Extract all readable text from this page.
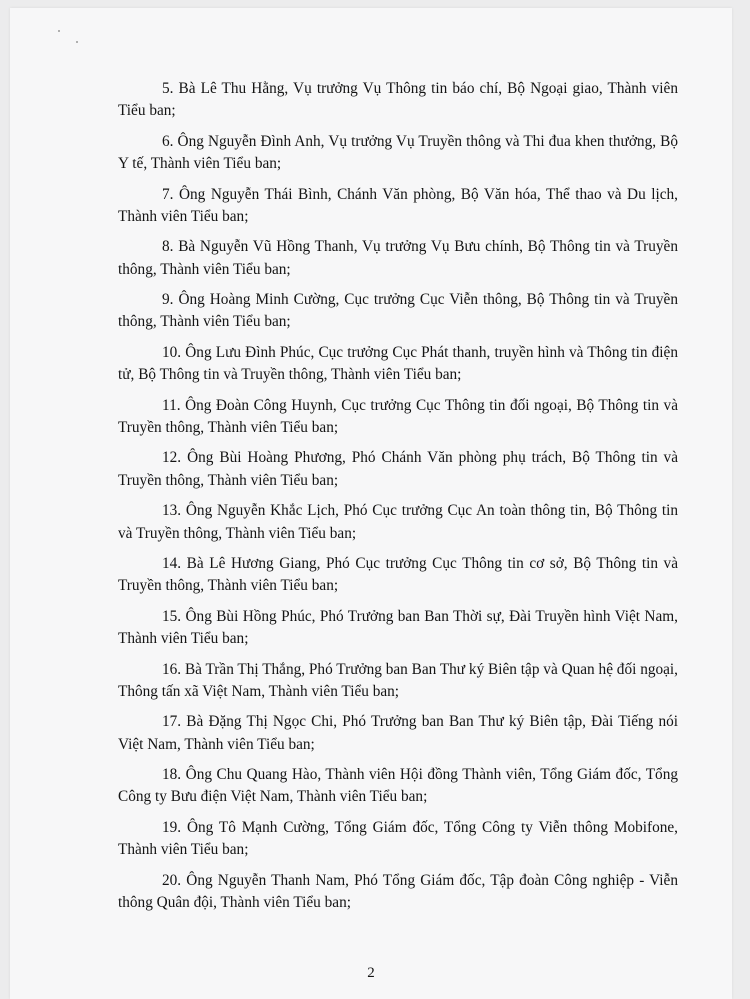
5. Bà Lê Thu Hằng, Vụ trưởng Vụ Thông tin báo chí, Bộ Ngoại giao, Thành viên Tiểu ban;
6. Ông Nguyễn Đình Anh, Vụ trưởng Vụ Truyền thông và Thi đua khen thưởng, Bộ Y tế, Thành viên Tiểu ban;
7. Ông Nguyễn Thái Bình, Chánh Văn phòng, Bộ Văn hóa, Thể thao và Du lịch, Thành viên Tiểu ban;
8. Bà Nguyễn Vũ Hồng Thanh, Vụ trưởng Vụ Bưu chính, Bộ Thông tin và Truyền thông, Thành viên Tiểu ban;
9. Ông Hoàng Minh Cường, Cục trưởng Cục Viễn thông, Bộ Thông tin và Truyền thông, Thành viên Tiểu ban;
10. Ông Lưu Đình Phúc, Cục trưởng Cục Phát thanh, truyền hình và Thông tin điện tử, Bộ Thông tin và Truyền thông, Thành viên Tiểu ban;
11. Ông Đoàn Công Huynh, Cục trưởng Cục Thông tin đối ngoại, Bộ Thông tin và Truyền thông, Thành viên Tiểu ban;
12. Ông Bùi Hoàng Phương, Phó Chánh Văn phòng phụ trách, Bộ Thông tin và Truyền thông, Thành viên Tiểu ban;
13. Ông Nguyễn Khắc Lịch, Phó Cục trưởng Cục An toàn thông tin, Bộ Thông tin và Truyền thông, Thành viên Tiểu ban;
14. Bà Lê Hương Giang, Phó Cục trưởng Cục Thông tin cơ sở, Bộ Thông tin và Truyền thông, Thành viên Tiểu ban;
15. Ông Bùi Hồng Phúc, Phó Trưởng ban Ban Thời sự, Đài Truyền hình Việt Nam, Thành viên Tiểu ban;
16. Bà Trần Thị Thắng, Phó Trưởng ban Ban Thư ký Biên tập và Quan hệ đối ngoại, Thông tấn xã Việt Nam, Thành viên Tiểu ban;
17. Bà Đặng Thị Ngọc Chi, Phó Trưởng ban Ban Thư ký Biên tập, Đài Tiếng nói Việt Nam, Thành viên Tiểu ban;
18. Ông Chu Quang Hào, Thành viên Hội đồng Thành viên, Tổng Giám đốc, Tổng Công ty Bưu điện Việt Nam, Thành viên Tiểu ban;
19. Ông Tô Mạnh Cường, Tổng Giám đốc, Tổng Công ty Viễn thông Mobifone, Thành viên Tiểu ban;
20. Ông Nguyễn Thanh Nam, Phó Tổng Giám đốc, Tập đoàn Công nghiệp - Viễn thông Quân đội, Thành viên Tiểu ban;
2
